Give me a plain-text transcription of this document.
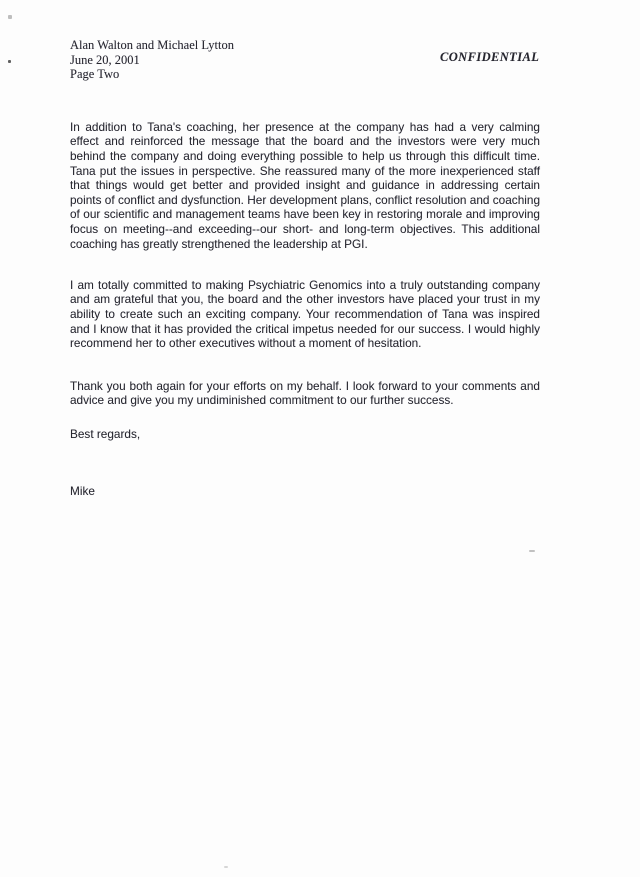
Alan Walton and Michael Lytton
June 20, 2001
Page Two
CONFIDENTIAL

In addition to Tana's coaching, her presence at the company has had a very calming effect and reinforced the message that the board and the investors were very much behind the company and doing everything possible to help us through this difficult time. Tana put the issues in perspective. She reassured many of the more inexperienced staff that things would get better and provided insight and guidance in addressing certain points of conflict and dysfunction. Her development plans, conflict resolution and coaching of our scientific and management teams have been key in restoring morale and improving focus on meeting--and exceeding--our short- and long-term objectives. This additional coaching has greatly strengthened the leadership at PGI.

I am totally committed to making Psychiatric Genomics into a truly outstanding company and am grateful that you, the board and the other investors have placed your trust in my ability to create such an exciting company. Your recommendation of Tana was inspired and I know that it has provided the critical impetus needed for our success. I would highly recommend her to other executives without a moment of hesitation.

Thank you both again for your efforts on my behalf. I look forward to your comments and advice and give you my undiminished commitment to our further success.

Best regards,
Mike
